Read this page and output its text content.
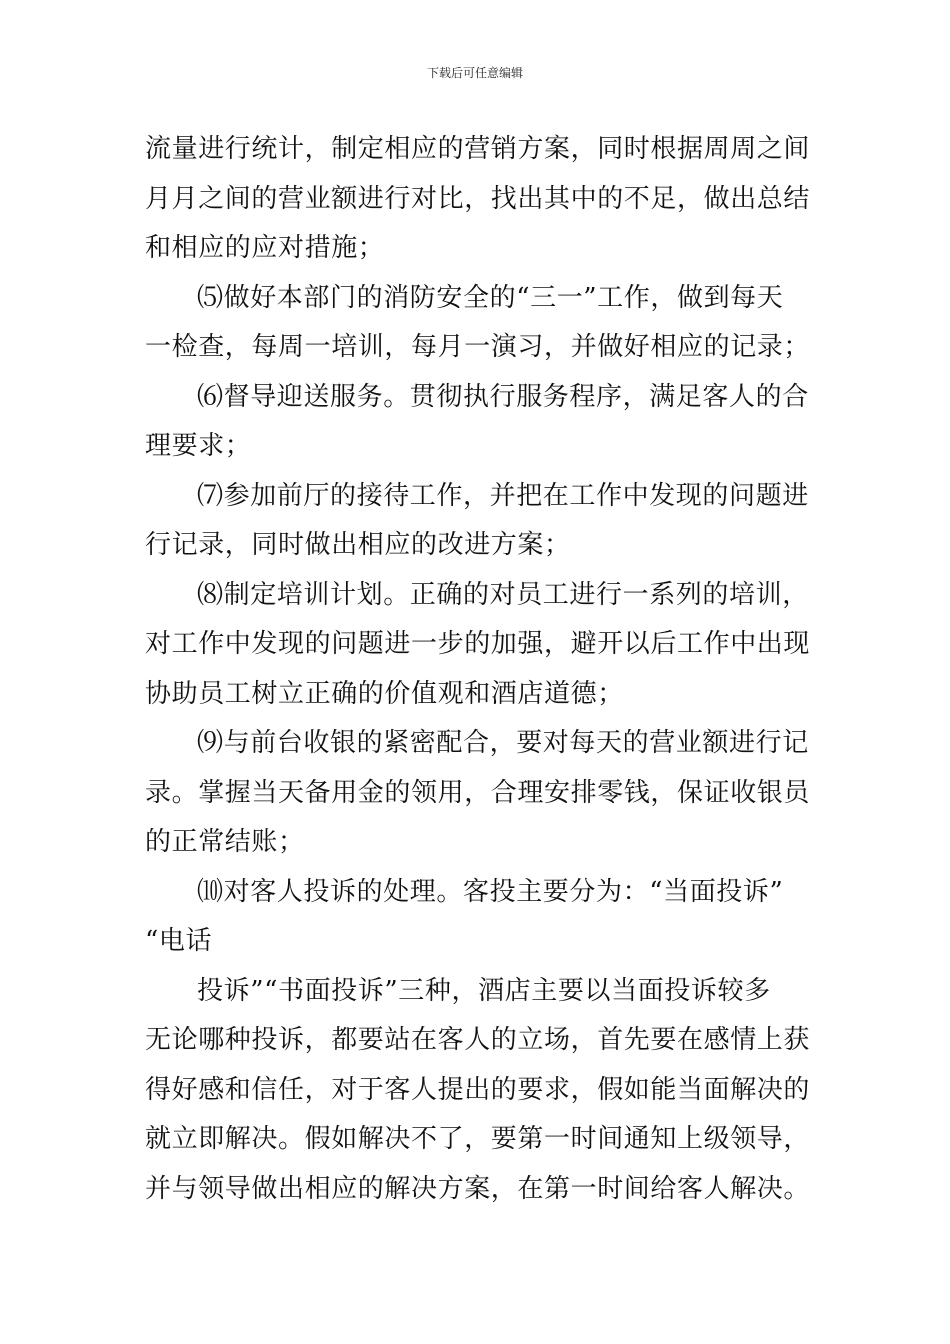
下载后可任意编辑
流量进行统计，制定相应的营销方案，同时根据周周之间
月月之间的营业额进行对比，找出其中的不足，做出总结
和相应的应对措施；
⑸做好本部门的消防安全的“三一”工作，做到每天
一检查，每周一培训，每月一演习，并做好相应的记录；
⑹督导迎送服务。贯彻执行服务程序，满足客人的合
理要求；
⑺参加前厅的接待工作，并把在工作中发现的问题进
行记录，同时做出相应的改进方案；
⑻制定培训计划。正确的对员工进行一系列的培训，
对工作中发现的问题进一步的加强，避开以后工作中出现
协助员工树立正确的价值观和酒店道德；
⑼与前台收银的紧密配合，要对每天的营业额进行记
录。掌握当天备用金的领用，合理安排零钱，保证收银员
的正常结账；
⑽对客人投诉的处理。客投主要分为：“当面投诉”
“电话
投诉”“书面投诉”三种，酒店主要以当面投诉较多
无论哪种投诉，都要站在客人的立场，首先要在感情上获
得好感和信任，对于客人提出的要求，假如能当面解决的
就立即解决。假如解决不了，要第一时间通知上级领导，
并与领导做出相应的解决方案，在第一时间给客人解决。
